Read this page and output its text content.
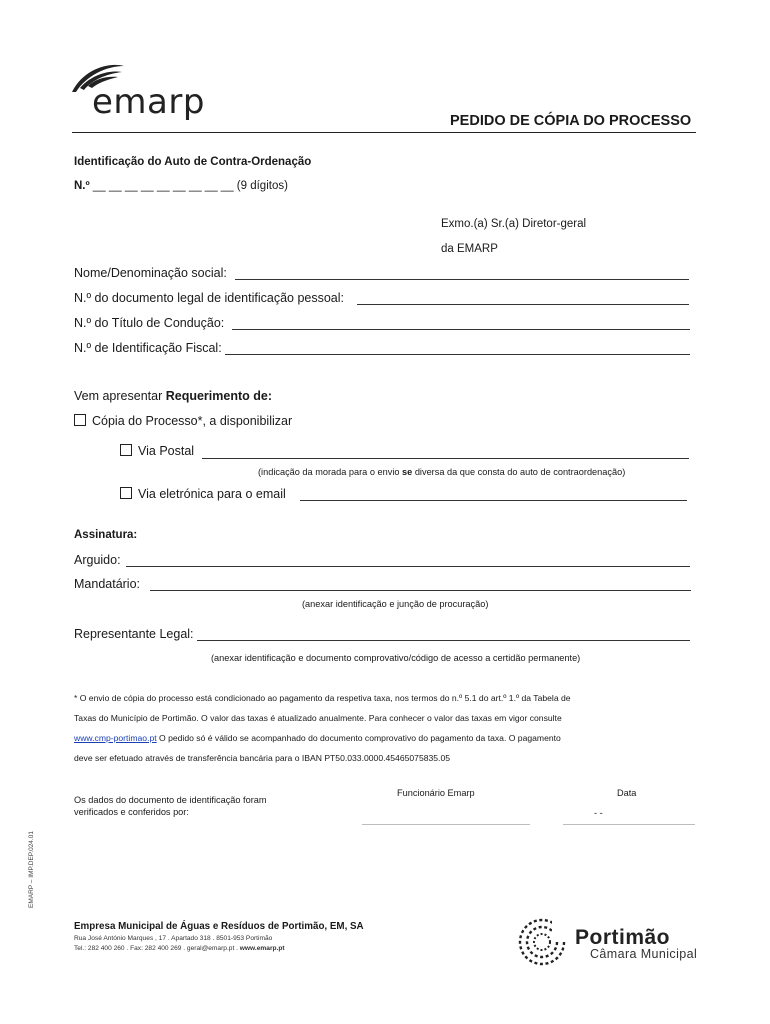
emarp	PEDIDO DE CÓPIA DO PROCESSO
Identificação do Auto de Contra-Ordenação
N.º __ __ __ __ __ __ __ __ __ (9 dígitos)
Exmo.(a) Sr.(a) Diretor-geral
da EMARP
Nome/Denominação social:
N.º do documento legal de identificação pessoal:
N.º do Título de Condução:
N.º de Identificação Fiscal:
Vem apresentar Requerimento de:
Cópia do Processo*, a disponibilizar
Via Postal
(indicação da morada para o envio se diversa da que consta do auto de contraordenação)
Via eletrónica para o email
Assinatura:
Arguido:
Mandatário:
(anexar identificação e junção de procuração)
Representante Legal:
(anexar identificação e documento comprovativo/código de acesso a certidão permanente)
* O envio de cópia do processo está condicionado ao pagamento da respetiva taxa, nos termos do n.º 5.1 do art.º 1.º da Tabela de
Taxas do Município de Portimão. O valor das taxas é atualizado anualmente. Para conhecer o valor das taxas em vigor consulte
www.cmp-portimao.pt O pedido só é válido se acompanhado do documento comprovativo do pagamento da taxa. O pagamento
deve ser efetuado através de transferência bancária para o IBAN PT50.033.0000.45465075835.05
Os dados do documento de identificação foram
verificados e conferidos por:
Funcionário Emarp	Data
- -
EMARP – IMP.DEP.024.01
Empresa Municipal de Águas e Resíduos de Portimão, EM, SA
Rua José António Marques , 17 . Apartado 318 . 8501-953 Portimão
Tel.: 282 400 260 . Fax: 282 400 269 . geral@emarp.pt . www.emarp.pt	Portimão
Câmara Municipal
